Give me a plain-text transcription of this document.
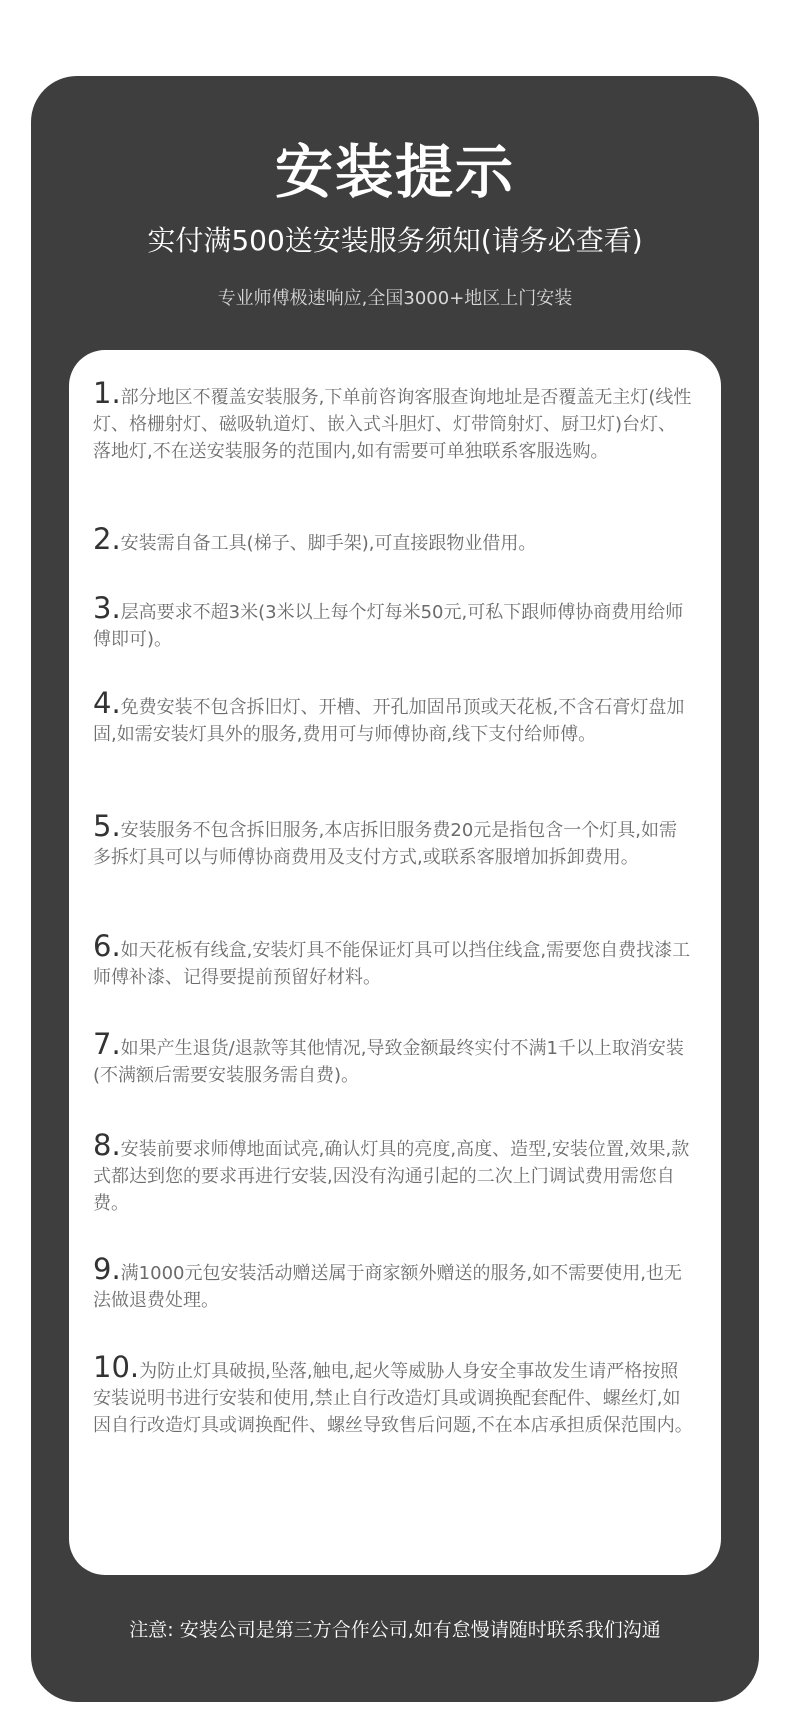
安装提示
实付满500送安装服务须知(请务必查看)
专业师傅极速响应,全国3000+地区上门安装
1.部分地区不覆盖安装服务,下单前咨询客服查询地址是否覆盖无主灯(线性灯、格栅射灯、磁吸轨道灯、嵌入式斗胆灯、灯带筒射灯、厨卫灯)台灯、落地灯,不在送安装服务的范围内,如有需要可单独联系客服选购。
2.安装需自备工具(梯子、脚手架),可直接跟物业借用。
3.层高要求不超3米(3米以上每个灯每米50元,可私下跟师傅协商费用给师傅即可)。
4.免费安装不包含拆旧灯、开槽、开孔加固吊顶或天花板,不含石膏灯盘加固,如需安装灯具外的服务,费用可与师傅协商,线下支付给师傅。
5.安装服务不包含拆旧服务,本店拆旧服务费20元是指包含一个灯具,如需多拆灯具可以与师傅协商费用及支付方式,或联系客服增加拆卸费用。
6.如天花板有线盒,安装灯具不能保证灯具可以挡住线盒,需要您自费找漆工师傅补漆、记得要提前预留好材料。
7.如果产生退货/退款等其他情况,导致金额最终实付不满1千以上取消安装(不满额后需要安装服务需自费)。
8.安装前要求师傅地面试亮,确认灯具的亮度,高度、造型,安装位置,效果,款式都达到您的要求再进行安装,因没有沟通引起的二次上门调试费用需您自费。
9.满1000元包安装活动赠送属于商家额外赠送的服务,如不需要使用,也无法做退费处理。
10.为防止灯具破损,坠落,触电,起火等威胁人身安全事故发生请严格按照安装说明书进行安装和使用,禁止自行改造灯具或调换配套配件、螺丝灯,如因自行改造灯具或调换配件、螺丝导致售后问题,不在本店承担质保范围内。
注意: 安装公司是第三方合作公司,如有怠慢请随时联系我们沟通
